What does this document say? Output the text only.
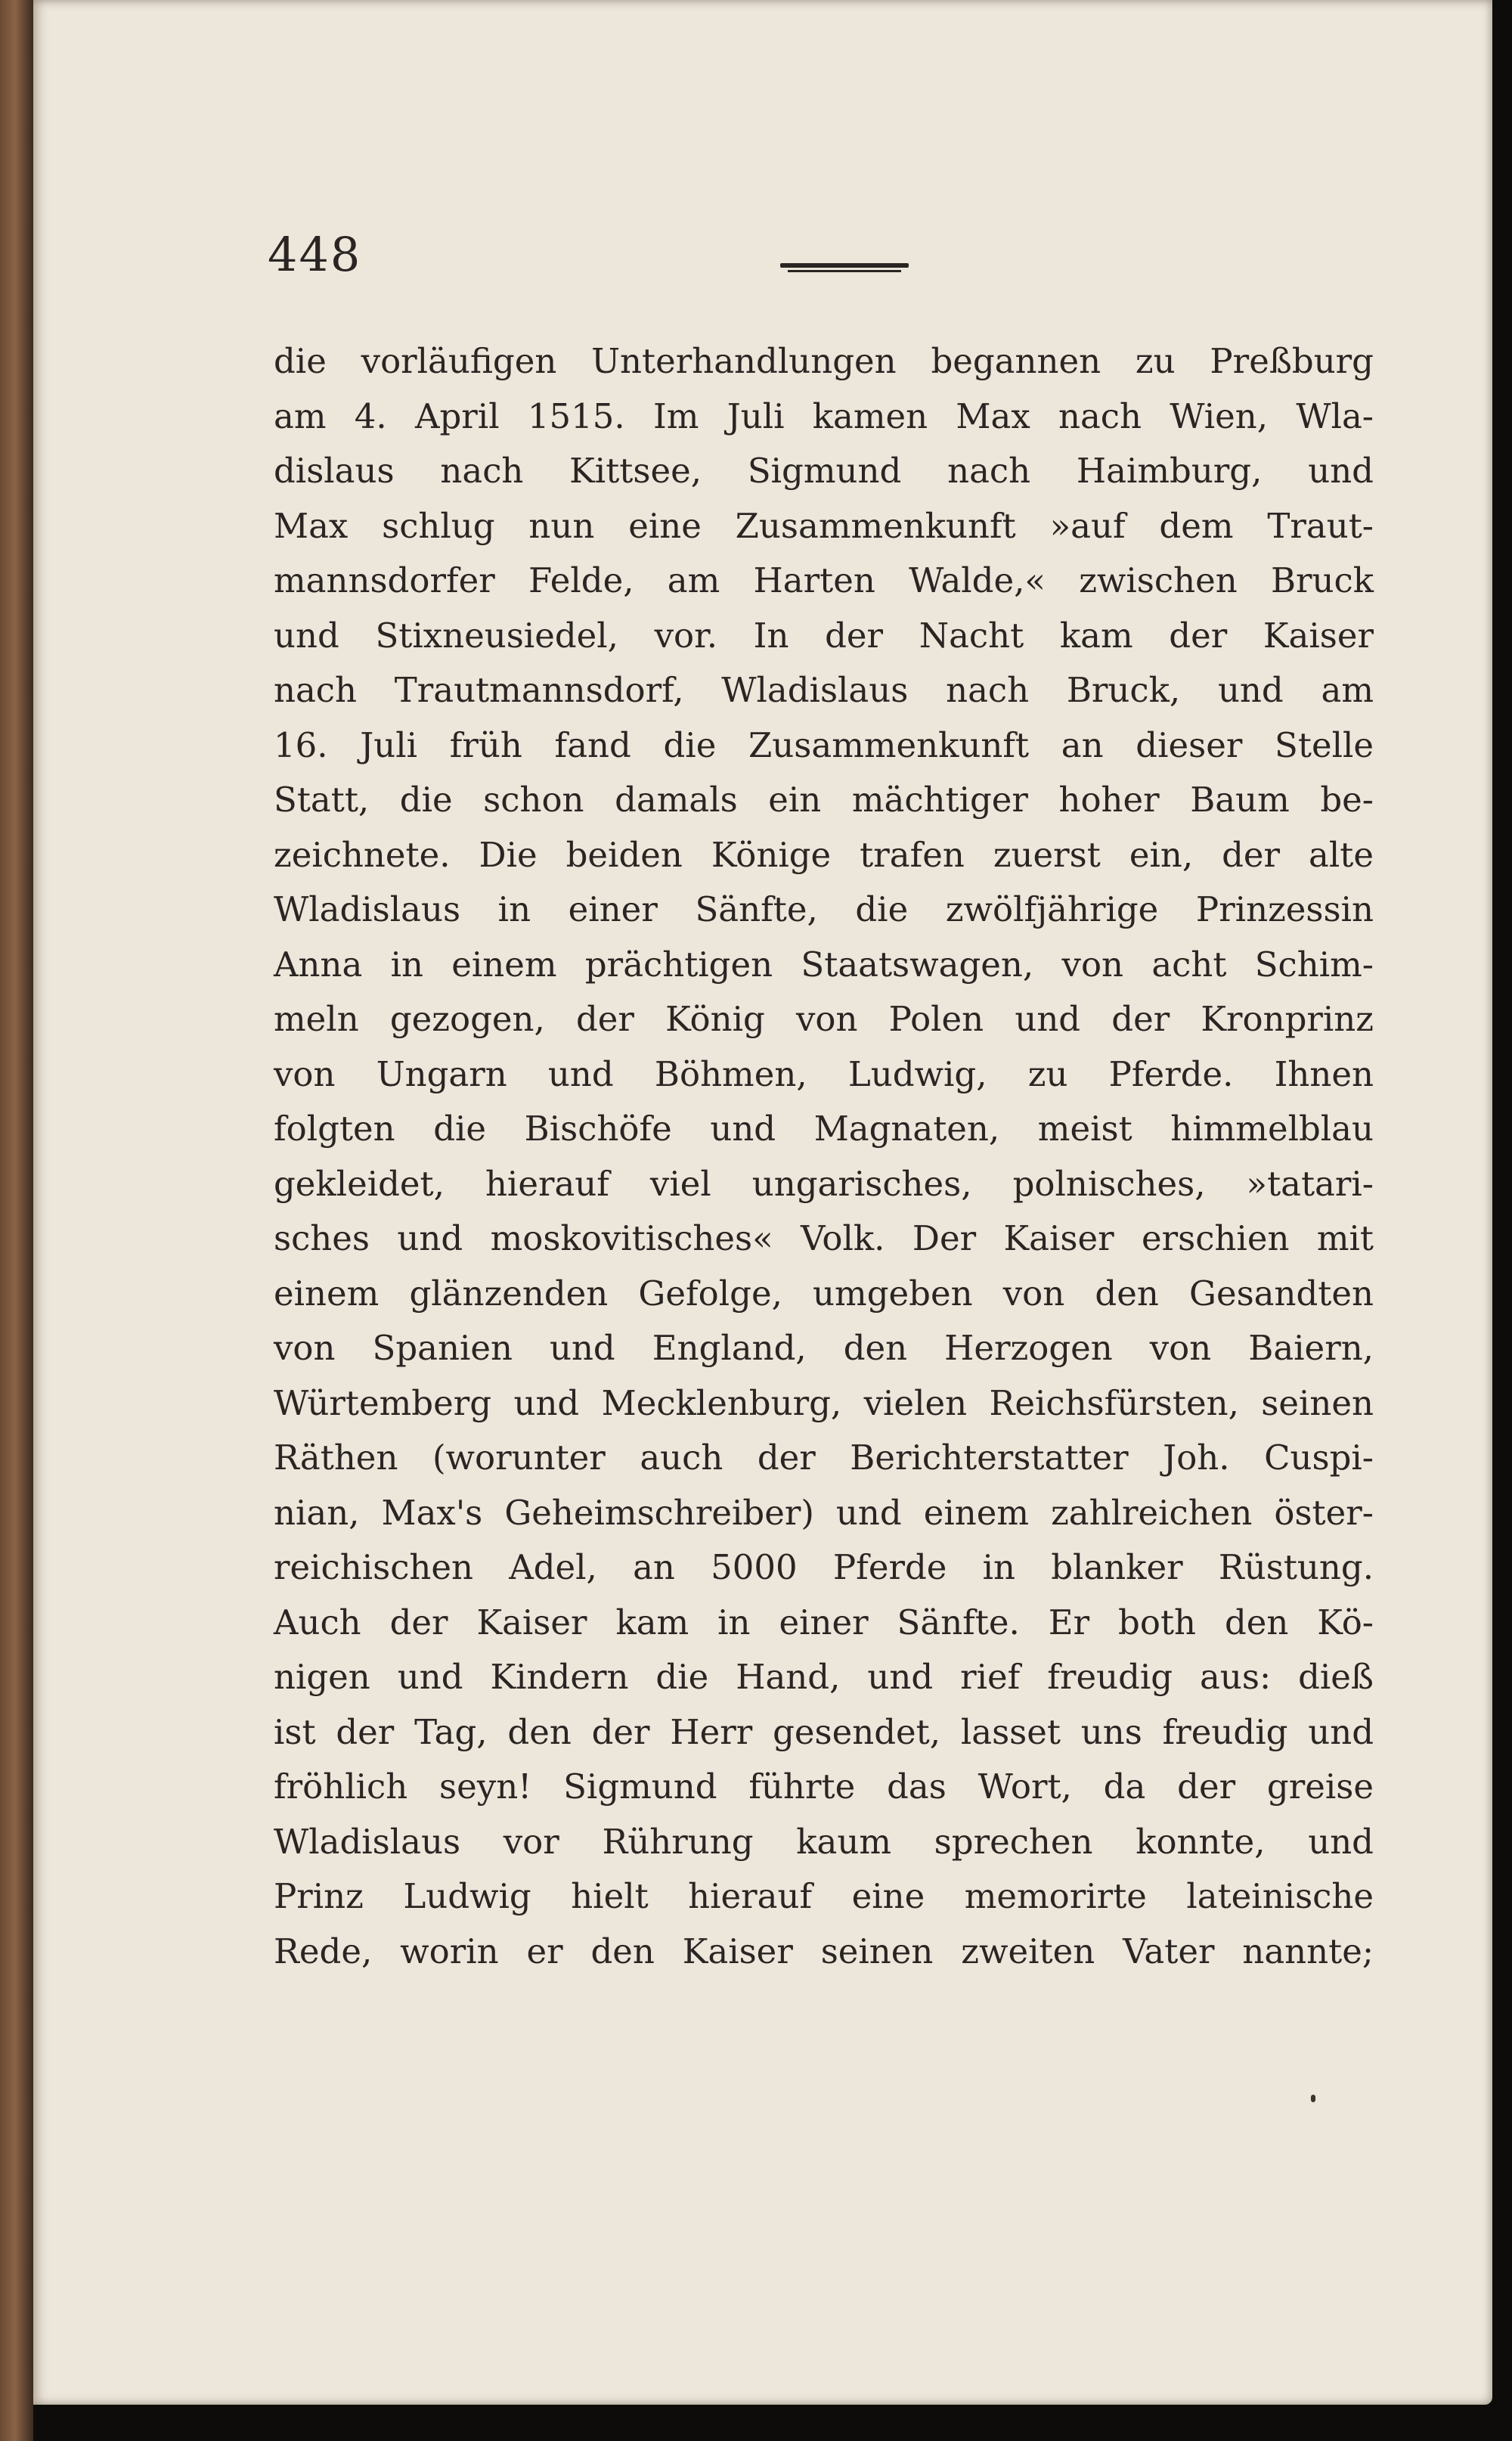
448
die vorläufigen Unterhandlungen begannen zu Preßburg
am 4. April 1515. Im Juli kamen Max nach Wien, Wla-
dislaus nach Kittsee, Sigmund nach Haimburg, und
Max schlug nun eine Zusammenkunft »auf dem Traut-
mannsdorfer Felde, am Harten Walde,« zwischen Bruck
und Stixneusiedel, vor. In der Nacht kam der Kaiser
nach Trautmannsdorf, Wladislaus nach Bruck, und am
16. Juli früh fand die Zusammenkunft an dieser Stelle
Statt, die schon damals ein mächtiger hoher Baum be-
zeichnete. Die beiden Könige trafen zuerst ein, der alte
Wladislaus in einer Sänfte, die zwölfjährige Prinzessin
Anna in einem prächtigen Staatswagen, von acht Schim-
meln gezogen, der König von Polen und der Kronprinz
von Ungarn und Böhmen, Ludwig, zu Pferde. Ihnen
folgten die Bischöfe und Magnaten, meist himmelblau
gekleidet, hierauf viel ungarisches, polnisches, »tatari-
sches und moskovitisches« Volk. Der Kaiser erschien mit
einem glänzenden Gefolge, umgeben von den Gesandten
von Spanien und England, den Herzogen von Baiern,
Würtemberg und Mecklenburg, vielen Reichsfürsten, seinen
Räthen (worunter auch der Berichterstatter Joh. Cuspi-
nian, Max's Geheimschreiber) und einem zahlreichen öster-
reichischen Adel, an 5000 Pferde in blanker Rüstung.
Auch der Kaiser kam in einer Sänfte. Er both den Kö-
nigen und Kindern die Hand, und rief freudig aus: dieß
ist der Tag, den der Herr gesendet, lasset uns freudig und
fröhlich seyn! Sigmund führte das Wort, da der greise
Wladislaus vor Rührung kaum sprechen konnte, und
Prinz Ludwig hielt hierauf eine memorirte lateinische
Rede, worin er den Kaiser seinen zweiten Vater nannte;
